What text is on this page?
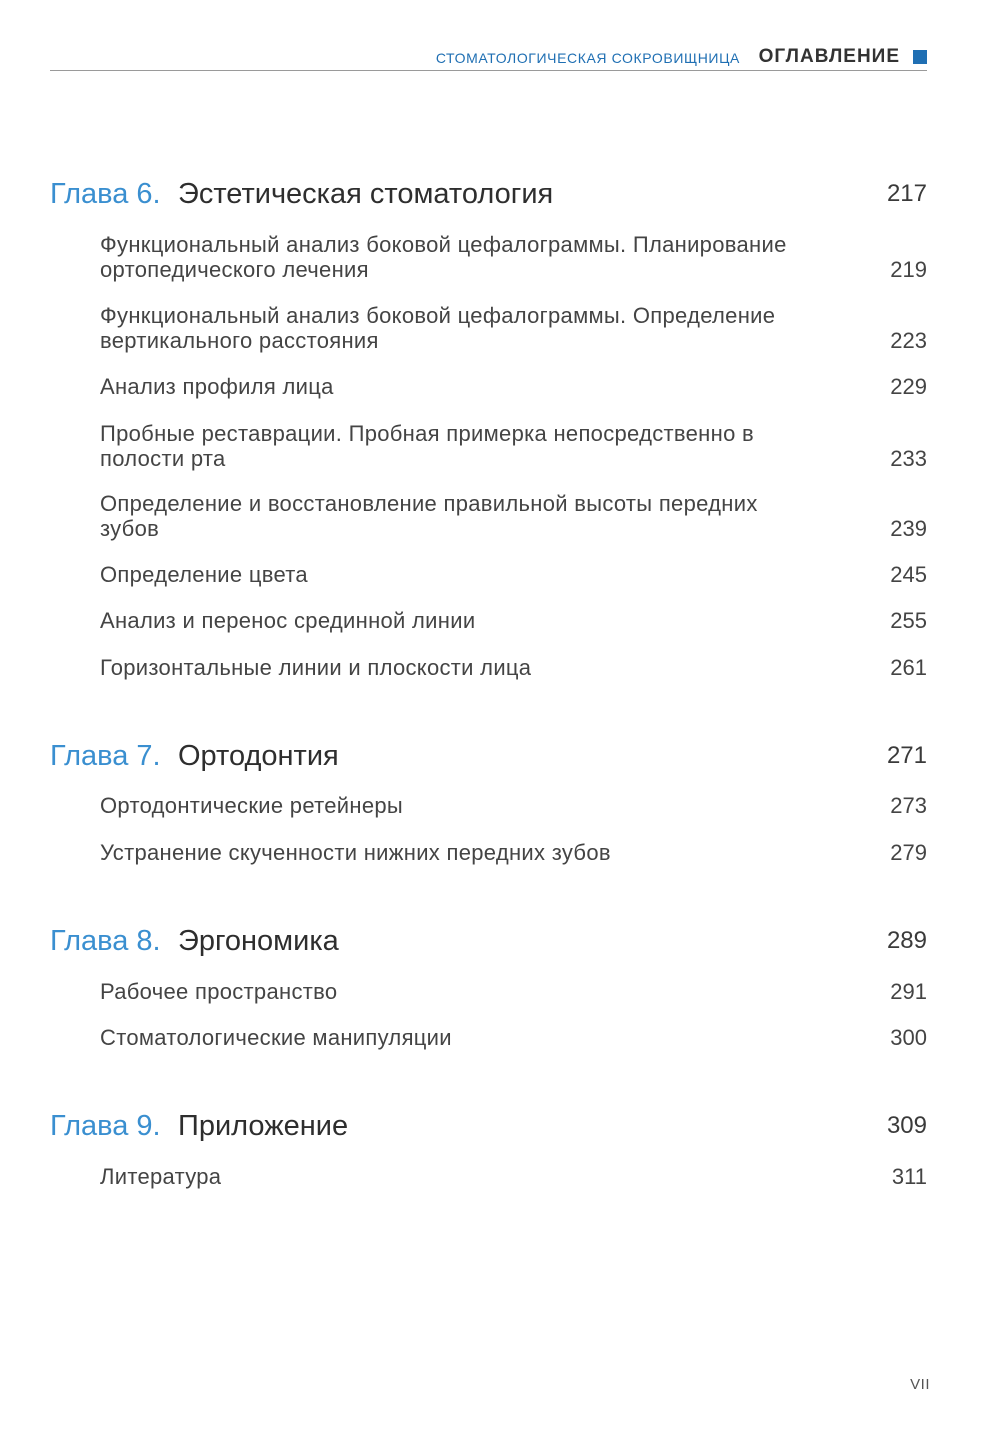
СТОМАТОЛОГИЧЕСКАЯ СОКРОВИЩНИЦА ОГЛАВЛЕНИЕ
Глава 6. Эстетическая стоматология	217
Функциональный анализ боковой цефалограммы. Планирование ортопедического лечения	219
Функциональный анализ боковой цефалограммы. Определение вертикального расстояния	223
Анализ профиля лица	229
Пробные реставрации. Пробная примерка непосредственно в полости рта	233
Определение и восстановление правильной высоты передних зубов	239
Определение цвета	245
Анализ и перенос срединной линии	255
Горизонтальные линии и плоскости лица	261
Глава 7. Ортодонтия	271
Ортодонтические ретейнеры	273
Устранение скученности нижних передних зубов	279
Глава 8. Эргономика	289
Рабочее пространство	291
Стоматологические манипуляции	300
Глава 9. Приложение	309
Литература	311
VII
